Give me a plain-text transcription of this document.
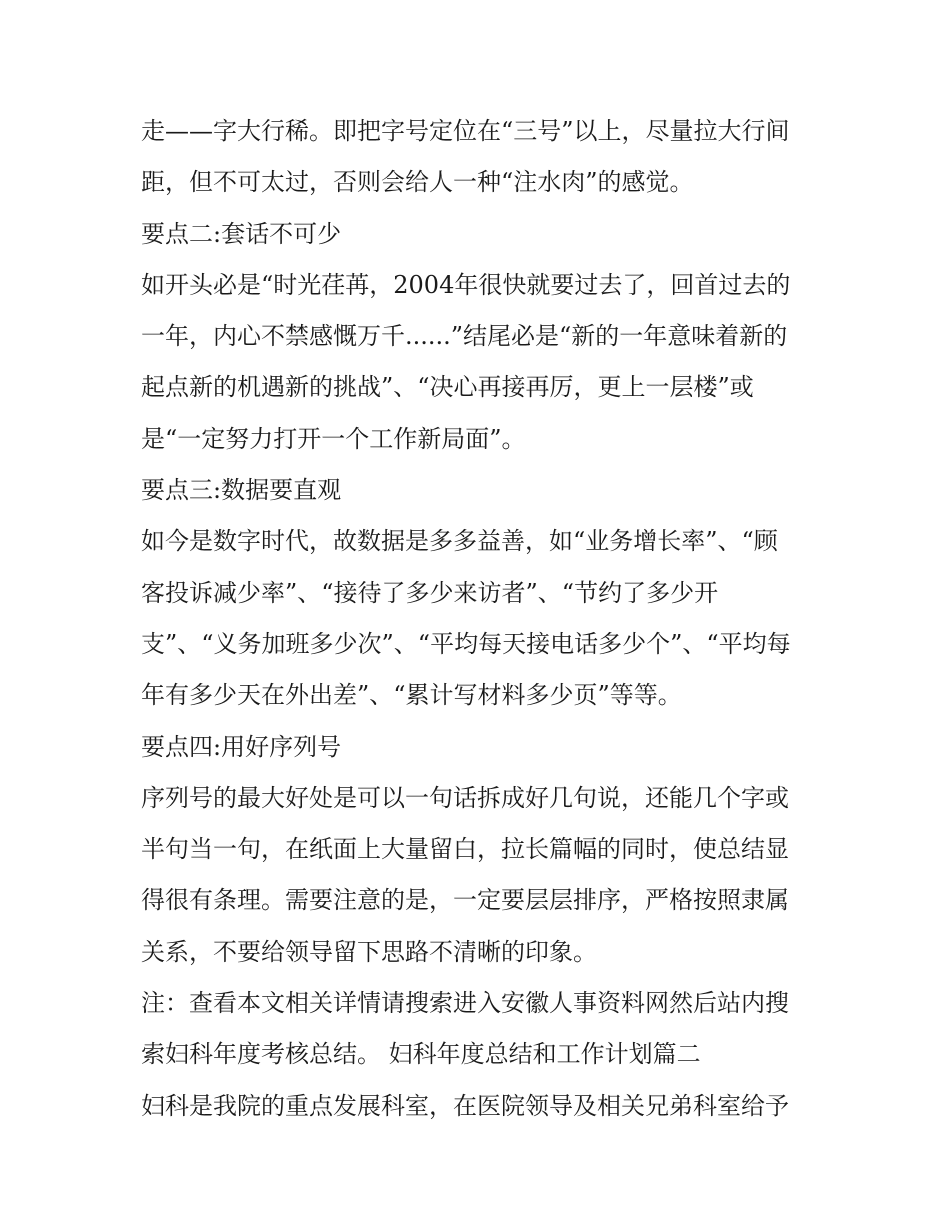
走——字大行稀。即把字号定位在“三号”以上，尽量拉大行间
距，但不可太过，否则会给人一种“注水肉”的感觉。
要点二:套话不可少
如开头必是“时光荏苒，2004年很快就要过去了，回首过去的
一年，内心不禁感慨万千......”结尾必是“新的一年意味着新的
起点新的机遇新的挑战”、“决心再接再厉，更上一层楼”或
是“一定努力打开一个工作新局面”。
要点三:数据要直观
如今是数字时代，故数据是多多益善，如“业务增长率”、“顾
客投诉减少率”、“接待了多少来访者”、“节约了多少开
支”、“义务加班多少次”、“平均每天接电话多少个”、“平均每
年有多少天在外出差”、“累计写材料多少页”等等。
要点四:用好序列号
序列号的最大好处是可以一句话拆成好几句说，还能几个字或
半句当一句，在纸面上大量留白，拉长篇幅的同时，使总结显
得很有条理。需要注意的是，一定要层层排序，严格按照隶属
关系，不要给领导留下思路不清晰的印象。
注：查看本文相关详情请搜索进入安徽人事资料网然后站内搜
索妇科年度考核总结。 妇科年度总结和工作计划篇二
妇科是我院的重点发展科室，在医院领导及相关兄弟科室给予
